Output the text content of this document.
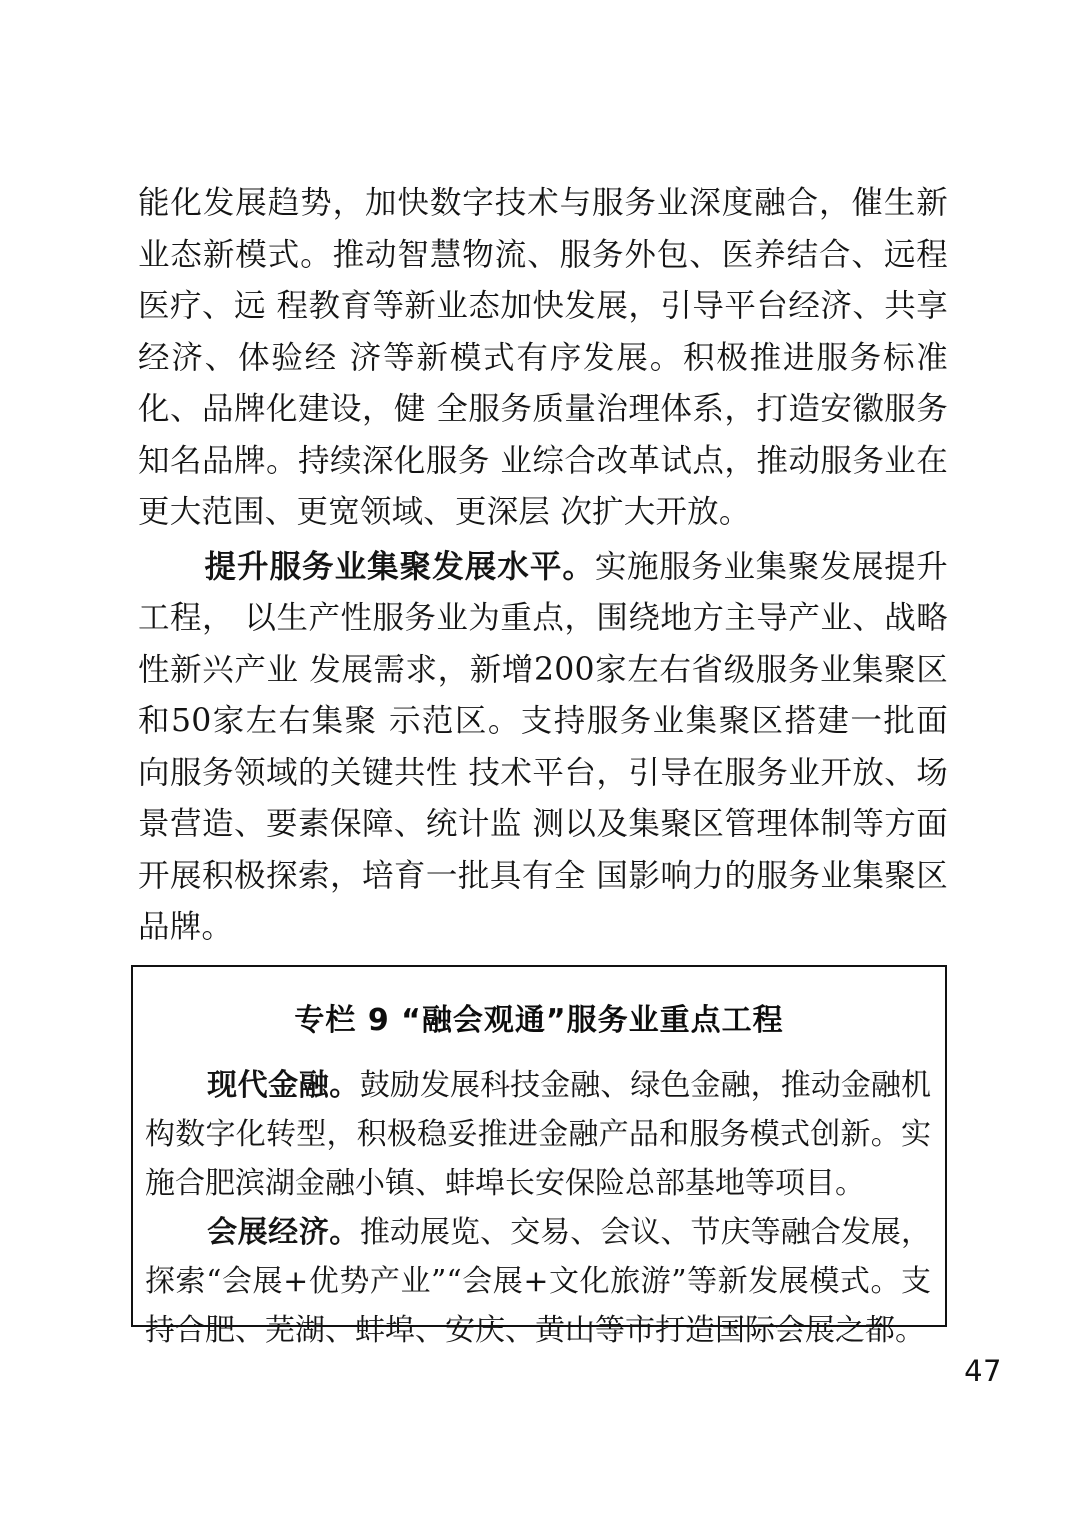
能化发展趋势，加快数字技术与服务业深度融合，催生新业态新模式。推动智慧物流、服务外包、医养结合、远程医疗、远 程教育等新业态加快发展，引导平台经济、共享经济、体验经 济等新模式有序发展。积极推进服务标准化、品牌化建设，健 全服务质量治理体系，打造安徽服务知名品牌。持续深化服务 业综合改革试点，推动服务业在更大范围、更宽领域、更深层 次扩大开放。

提升服务业集聚发展水平。实施服务业集聚发展提升工程， 以生产性服务业为重点，围绕地方主导产业、战略性新兴产业 发展需求，新增200家左右省级服务业集聚区和50家左右集聚 示范区。支持服务业集聚区搭建一批面向服务领域的关键共性 技术平台，引导在服务业开放、场景营造、要素保障、统计监 测以及集聚区管理体制等方面开展积极探索，培育一批具有全 国影响力的服务业集聚区品牌。

专栏 9 “融会观通”服务业重点工程

现代金融。鼓励发展科技金融、绿色金融，推动金融机构数字化转型，积极稳妥推进金融产品和服务模式创新。实施合肥滨湖金融小镇、蚌埠长安保险总部基地等项目。

会展经济。推动展览、交易、会议、节庆等融合发展，探索“会展+优势产业”“会展+文化旅游”等新发展模式。支持合肥、芜湖、蚌埠、安庆、黄山等市打造国际会展之都。

47
